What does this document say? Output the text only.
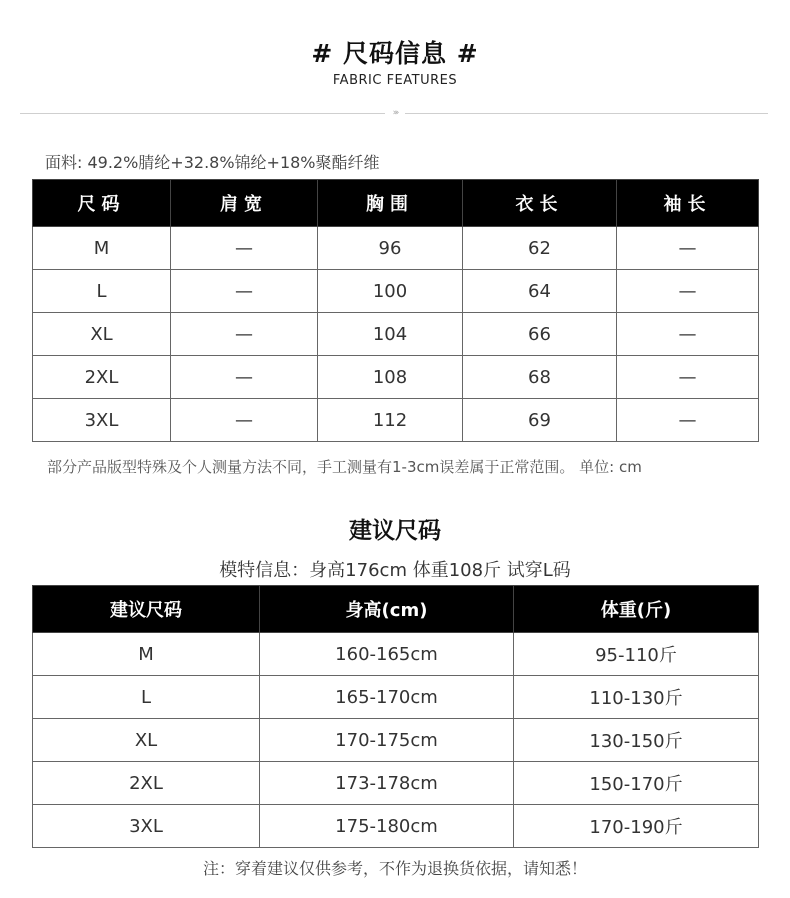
# 尺码信息 #
FABRIC FEATURES
›››
面料: 49.2%腈纶+32.8%锦纶+18%聚酯纤维
尺码	肩宽	胸围	衣长	袖长
M	—	96	62	—
L	—	100	64	—
XL	—	104	66	—
2XL	—	108	68	—
3XL	—	112	69	—
部分产品版型特殊及个人测量方法不同，手工测量有1-3cm误差属于正常范围。 单位: cm
建议尺码
模特信息：身高176cm 体重108斤 试穿L码
建议尺码	身高(cm)	体重(斤)
M	160-165cm	95-110斤
L	165-170cm	110-130斤
XL	170-175cm	130-150斤
2XL	173-178cm	150-170斤
3XL	175-180cm	170-190斤
注：穿着建议仅供参考，不作为退换货依据，请知悉！
